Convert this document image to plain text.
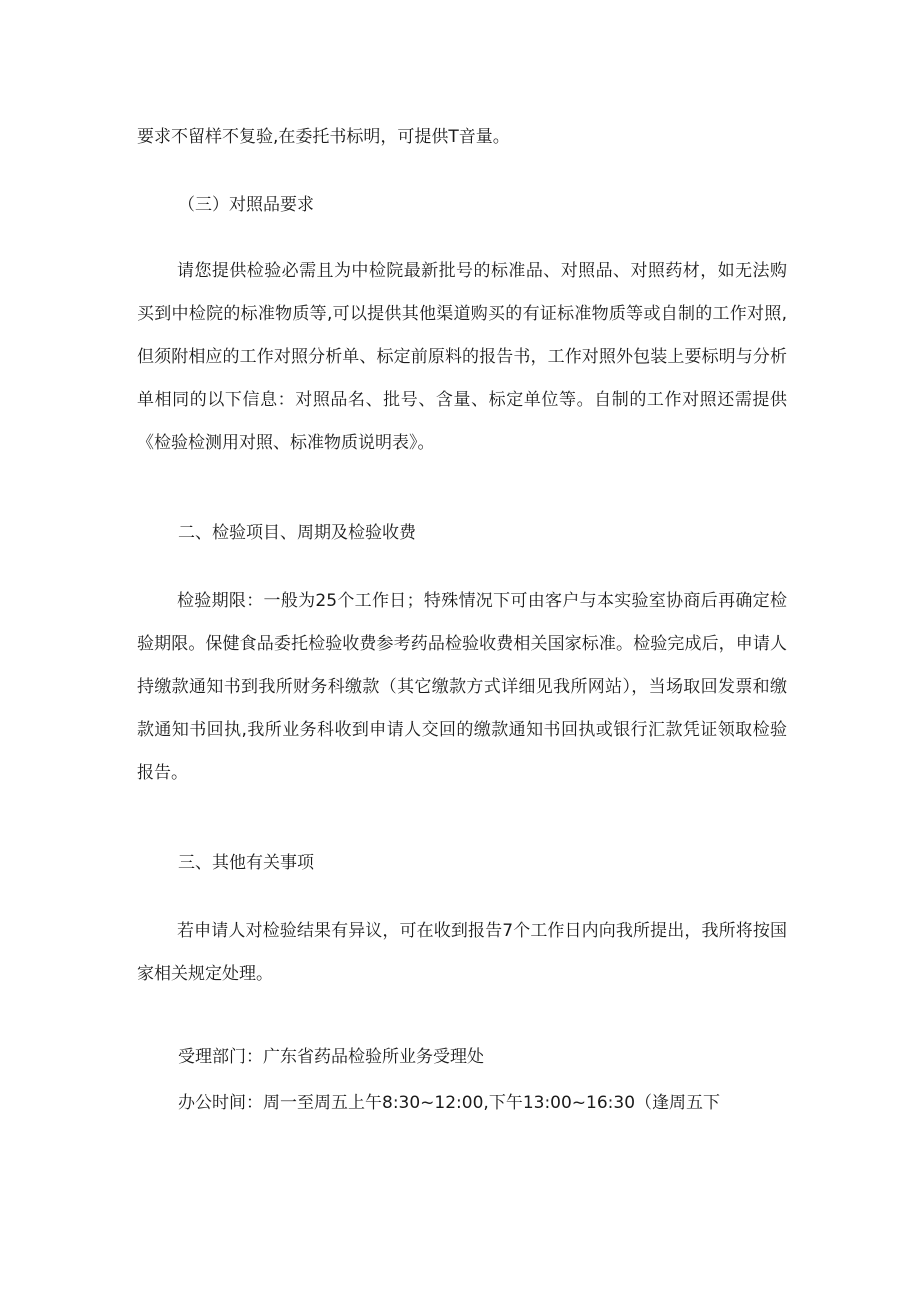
要求不留样不复验,在委托书标明，可提供T音量。
（三）对照品要求
请您提供检验必需且为中检院最新批号的标准品、对照品、对照药材，如无法购买到中检院的标准物质等,可以提供其他渠道购买的有证标准物质等或自制的工作对照,但须附相应的工作对照分析单、标定前原料的报告书，工作对照外包装上要标明与分析单相同的以下信息：对照品名、批号、含量、标定单位等。自制的工作对照还需提供《检验检测用对照、标准物质说明表》。
二、检验项目、周期及检验收费
检验期限：一般为25个工作日；特殊情况下可由客户与本实验室协商后再确定检验期限。保健食品委托检验收费参考药品检验收费相关国家标准。检验完成后，申请人持缴款通知书到我所财务科缴款（其它缴款方式详细见我所网站），当场取回发票和缴款通知书回执,我所业务科收到申请人交回的缴款通知书回执或银行汇款凭证领取检验报告。
三、其他有关事项
若申请人对检验结果有异议，可在收到报告7个工作日内向我所提出，我所将按国家相关规定处理。
受理部门：广东省药品检验所业务受理处
办公时间：周一至周五上午8:30~12:00,下午13:00~16:30（逢周五下
